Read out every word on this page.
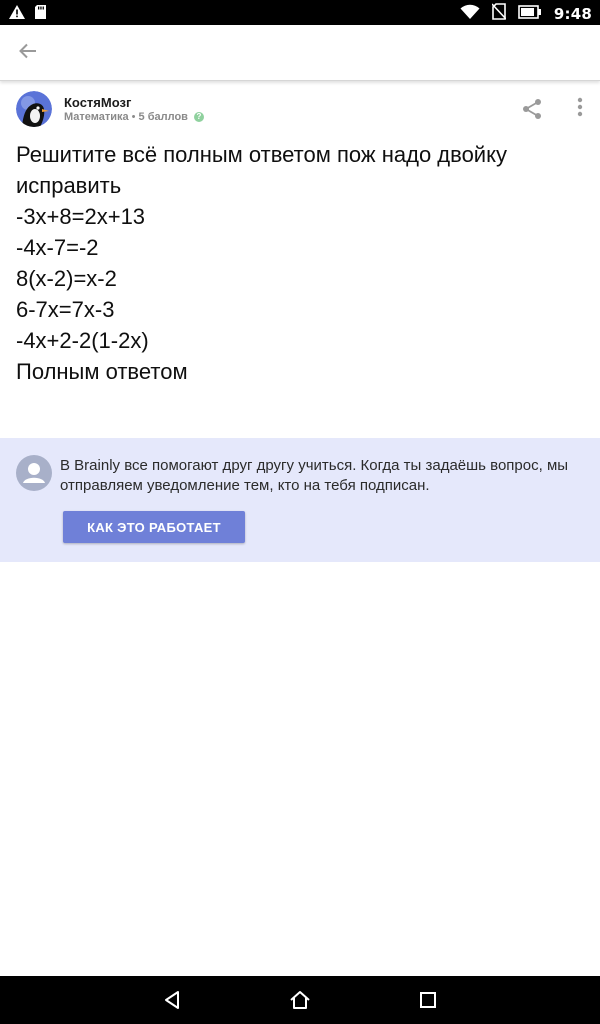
9:48
КостяМозг
Математика • 5 баллов	?
Решитите всё полным ответом пож надо двойку
исправить
-3x+8=2x+13
-4x-7=-2
8(x-2)=x-2
6-7x=7x-3
-4x+2-2(1-2x)
Полным ответом
В Brainly все помогают друг другу учиться. Когда ты задаёшь вопрос, мы отправляем уведомление тем, кто на тебя подписан.
КАК ЭТО РАБОТАЕТ
